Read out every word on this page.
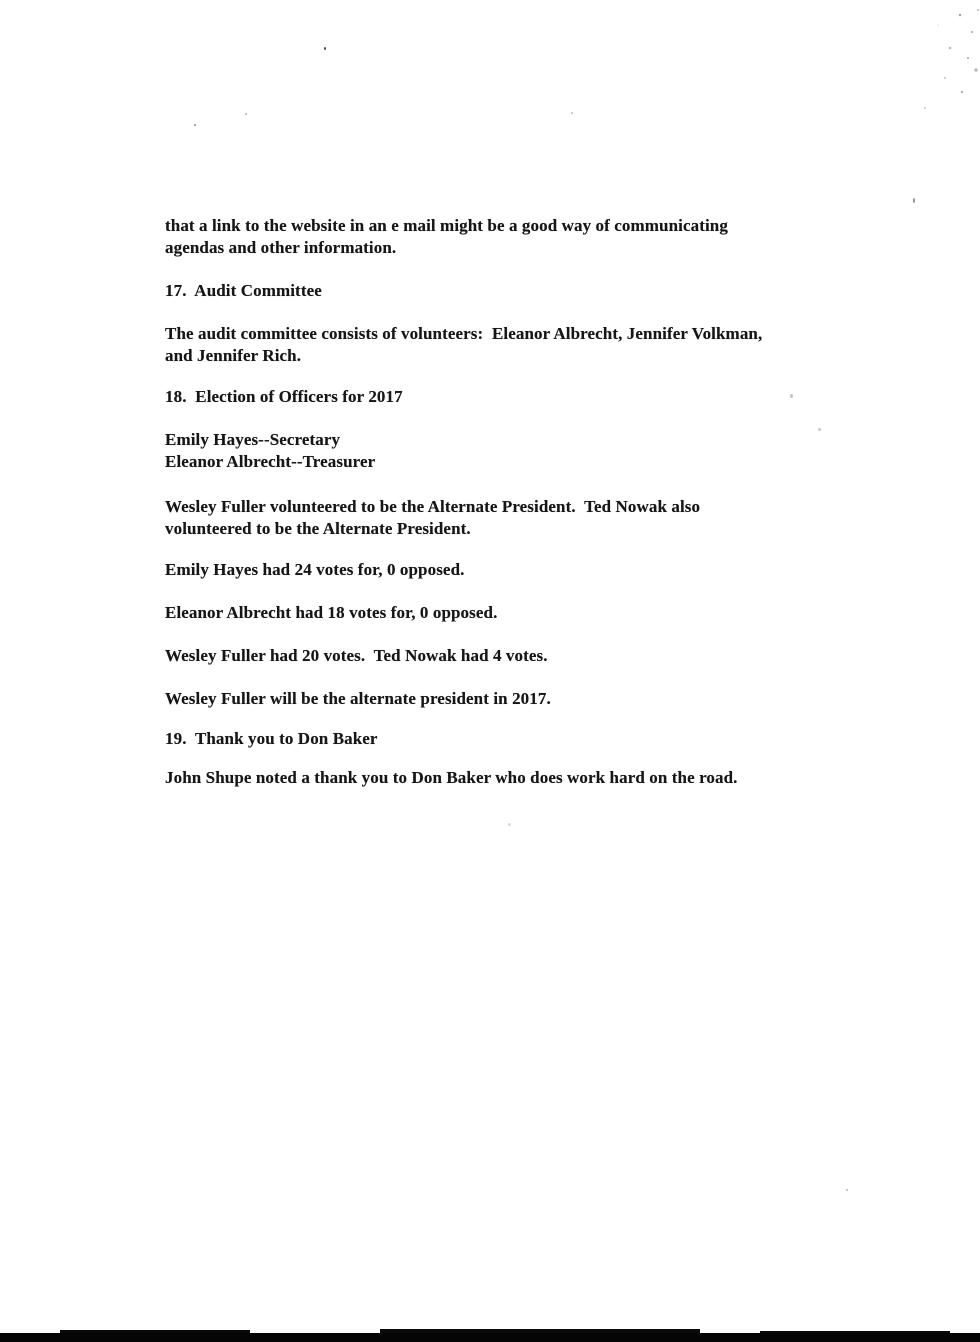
that a link to the website in an e mail might be a good way of communicating
agendas and other information.
17.  Audit Committee
The audit committee consists of volunteers:  Eleanor Albrecht, Jennifer Volkman,
and Jennifer Rich.
18.  Election of Officers for 2017
Emily Hayes--Secretary
Eleanor Albrecht--Treasurer
Wesley Fuller volunteered to be the Alternate President.  Ted Nowak also
volunteered to be the Alternate President.
Emily Hayes had 24 votes for, 0 opposed.
Eleanor Albrecht had 18 votes for, 0 opposed.
Wesley Fuller had 20 votes.  Ted Nowak had 4 votes.
Wesley Fuller will be the alternate president in 2017.
19.  Thank you to Don Baker
John Shupe noted a thank you to Don Baker who does work hard on the road.
